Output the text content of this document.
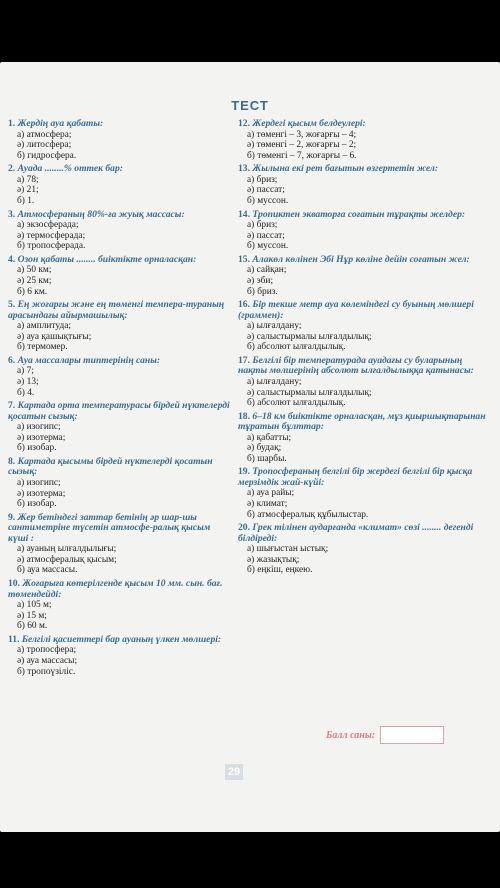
ТЕСТ
1. Жердің ауа қабаты:
а) атмосфера;
ә) литосфера;
б) гидросфера.
2. Ауада ........% оттек бар:
а) 78;
ә) 21;
б) 1.
3. Атмосфераның 80%-ға жуық массасы:
а) экзосферада;
ә) термосферада;
б) тропосферада.
4. Озон қабаты ........ биіктікте орналасқан:
а) 50 км;
ә) 25 км;
б) 6 км.
5. Ең жоғарғы және ең төменгі темпера-тураның арасындағы айырмашылық:
а) амплитуда;
ә) ауа қашықтығы;
б) термомер.
6. Ауа массалары типтерінің саны:
а) 7;
ә) 13;
б) 4.
7. Картада орта температурасы бірдей нүктелерді қосатын сызық:
а) изогипс;
ә) изотерма;
б) изобар.
8. Картада қысымы бірдей нүктелерді қосатын сызық:
а) изогипс;
ә) изотерма;
б) изобар.
9. Жер бетіндегі заттар бетінің әр шар-шы сантиметріне түсетін атмосфе-ралық қысым күші :
а) ауаның ылғалдылығы;
ә) атмосфералық қысым;
б) ауа массасы.
10. Жоғарыға көтерілгенде қысым 10 мм. сын. бағ. төмендейді:
а) 105 м;
ә) 15 м;
б) 60 м.
11. Белгілі қасиеттері бар ауаның үлкен мөлшері:
а) тропосфера;
ә) ауа массасы;
б) тропоүзіліс.
12. Жердегі қысым белдеулері:
а) төменгі – 3, жоғарғы – 4;
ә) төменгі – 2, жоғарғы – 2;
б) төменгі – 7, жоғарғы – 6.
13. Жылына екі рет бағытын өзгертетін жел:
а) бриз;
ә) пассат;
б) муссон.
14. Тропиктен экваторға соғатын тұрақты желдер:
а) бриз;
ә) пассат;
б) муссон.
15. Алакөл көлінен Эбі Нұр көліне дейін соғатын жел:
а) сайқан;
ә) эби;
б) бриз.
16. Бір текше метр ауа көлеміндегі су буының мөлшері (граммен):
а) ылғалдану;
ә) салыстырмалы ылғалдылық;
б) абсолют ылғалдылық.
17. Белгілі бір температурада ауадағы су буларының нақты мөлшерінің абсолют ылғалдылыққа қатынасы:
а) ылғалдану;
ә) салыстырмалы ылғалдылық;
б) абсолют ылғалдылық.
18. 6–18 км биіктікте орналасқан, мұз қиыршықтарынан тұратын бұлттар:
а) қабатты;
ә) будақ;
б) шарбы.
19. Тропосфераның белгілі бір жердегі белгілі бір қысқа мерзімдік жай-күйі:
а) ауа райы;
ә) климат;
б) атмосфералық құбылыстар.
20. Грек тілінен аударғанда «климат» сөзі ........ дегенді білдіреді:
а) шығыстан ыстық;
ә) жазықтық;
б) еңкіш, еңкею.
Балл саны:
29
